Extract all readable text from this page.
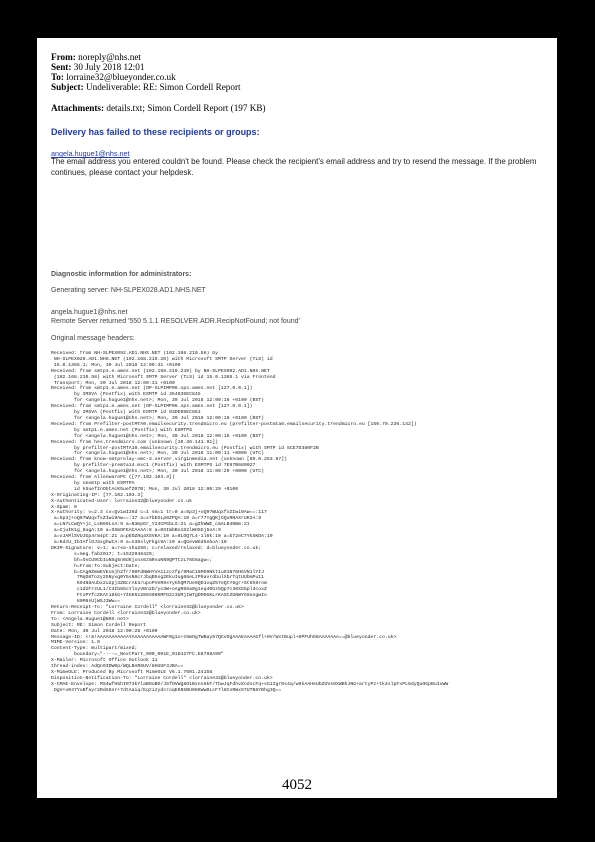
From: noreply@nhs.net
Sent: 30 July 2018 12:01
To: lorraine32@blueyonder.co.uk
Subject: Undeliverable: RE: Simon Cordell Report
Attachments: details.txt; Simon Cordell Report (197 KB)
Delivery has failed to these recipients or groups:
angela.hugue1@nhs.net
The email address you entered couldn't be found. Please check the recipient's email address and try to resend the message. If the problem continues, please contact your helpdesk.
Diagnostic information for administrators:
Generating server: NH-SLPEX028.AD1.NHS.NET
angela.hugue1@nhs.net
Remote Server returned '550 5.1.1 RESOLVER.ADR.RecipNotFound; not found'
Original message headers:
Received: from NH-SLPEX092.AD1.NHS.NET (192.168.210.56) by
NH-SLPEX029.AD1.NHS.NET (192.168.210.20) with Microsoft SMTP Server (TLS) id
15.0.1365.1; Mon, 30 Jul 2018 12:00:31 +0100
Received: from smtp1.e.ames.net (192.168.219.249) by NH-SLPEX092.AD1.NHS.NET
(192.168.210.58) with Microsoft SMTP Server (TLS) id 15.0.1365.1 via Frontend
Transport; Mon, 30 Jul 2018 12:00:31 +0100
Received: from smtp1.e.ames.net (OP-SLPIMP06.ops.ames.net [127.0.0.1])
by IMSVA (Postfix) with ESMTP id 354035EC845
for <angela.hugue1@nhs.net>; Mon, 30 Jul 2018 12:00:16 +0100 (BST)
Received: from smtp1.e.ames.net (OP-SLPIMP06.ops.ames.net [127.0.0.1])
by IMSVA (Postfix) with ESMTP id 03DE05EC861
for <angela.hugue1@nhs.net>; Mon, 30 Jul 2018 12:00:16 +0100 (BST)
Received: from Prefilter-postMTA0.emailsecurity.trendmicro.eu (prefilter-postmta6.emailsecurity.trendmicro.eu [150.70.236.142])
by smtp1.e.ames.net (Postfix) with ESMTPS
for <angela.hugue1@nhs.net>; Mon, 30 Jul 2018 12:00:15 +0100 (BST)
Received: from hes.trendmicro.com (unknown [10.36.141.91])
by prefilter-postMTA10.emailsecurity.trendmicro.eu (Postfix) with SMTP id 5CE7D380F2B
for <angela.hugue1@nhs.net>; Mon, 30 Jul 2018 11:00:11 +0000 (UTC)
Received: from know-smtprelay-omc-3.server.virginmedia.net (unknown [80.0.253.67])
by prefilter-premta14.mxc1 (Postfix) with ESMTPS id 7E97B680027
for <angela.hugue1@nhs.net>; Mon, 30 Jul 2018 11:00:29 +0000 (UTC)
Received: from AllenwarePC ([77.102.103.3])
by cmsmtp with ESMTPA
id k5uefInObtAcK5uefZ07B; Mon, 30 Jul 2018 12:00:29 +0100
X-Originating-IP: [77.102.103.3]
X-Authenticated-User: lorraine32@blueyonder.co.uk
X-Spam: 0
X-Authority: v=2.3 cv=Qv1wI26d c=1 sm=1 tr=0 a=5p3j+oQ97WUqxfxZIwi9Aw==:117
a=5p3j+oQ97WUqxfxZIwi9Aw==:17 a=x7bEGLp0ZPQA:10 a=r77YgQKjGQsRNAXrUKIA:9
a=LN7LCwQY+jc_LsB69LsA:9 a=N3mpGr_Y24CPGbLS:21 a=gZhWWE_cmALB4NBm:21
a=CjuIK1g_8ugA:10 a=SSmOFEACAAAA:8 a=0SImbBo1S2lWHSGj5oA:9
a=xJAMlSVUJGp4rm4pt:21 a=pEOZHq4XSVKA:10 a=0LOQ7L4-1l6k:10 a=b72eC7YkSKDA:10
a=KdzU_IbIAflOJ3xghwtA:9 a=n38slyFkgc9A:10 a=QGevWGd5eboA:10
DKIM-Signature: v=1; a=rsa-sha256; c=relaxed/relaxed; d=blueyonder.co.uk;
s=meg.fab2017; t=1532948429;
bh=OsCU9CbIuNSg5n0d6jxnx6zmRsuKN9QPTtzL76G6agw=;
h=From:To:Subject:Date;
b=CAg0ZmmEVEcmjh2fr/90FdNWHYVA1izczfp/9MaC16MD9Nkt1u91N76HGVN1lYIJ
7MqD8To2y25Nyvg0Y5sN8crJbqB5sg2EkuIug66eLzP9avrdbulXbrTqtUUbmPu11
K94N8Aubx2u2pj3ZBcrAk3/upoPVeR9sYyGhQM7Ue9QD1vqZ57eQtY6gr+St6h8rom
c1d2FrzUL1/C3Ib85cYlnyVBn2D/yo3W+oAgR8Sa0g1eq40Gz5Qp7c30XG6pl3coxZ
FtoPYfcZKAt18kG+74GK51260306KMFD2z3UMjtWTgDMDGKLrKAStZUNWYG9ungwIo
89M8sUjW5J3Ww==
Return-Receipt-To: "Lorraine Cordell" <lorraine32@blueyonder.co.uk>
From: Lorraine Cordell <lorraine32@blueyonder.co.uk>
To: <Angela.Hugue1@NHS.net>
Subject: RE: Simon Cordell Report
Date: Mon, 30 Jul 2018 12:00:28 +0100
Message-ID: <!&!AAAAAAAAAAAYAAAAAAAAAAAWF0g1o+z6mOgTWBay57QCvOgAAAEAAAAGfl+0V/WxtBupl+0PFUhD8AAAAAAA==@blueyonder.co.uk>
MIME-Version: 1.0
Content-Type: multipart/mixed;
boundary="----=_NextPart_000_001E_01D427FC.E8788A90"
X-Mailer: Microsoft Office Outlook 11
thread-index: AdQn9IDW0p/WQLBAR6UV/8HUUF3JBA==
X-MimeOLE: Produced By Microsoft MimeOLE V6.1.7601.24158
Disposition-Notification-To: "Lorraine Cordell" <lorraine32@blueyonder.co.uk>
X-CMAE-Envelope: MS4wfH5hIR73kYlaBOuBO/J5fOVWg8O1Bxns8kF/TbwJqFdhvZodscFq+sG1Igr0s4q/w9kAAHeUbZUVs0XWBhJNG+artyPz+tk4slpFxPL6dyQuOGpBuIxWW
DgV+v047YuBfayr2RdX8nr+7dtAaiq/EqzizydcroqEKN5BU06KWw0LcF7l8CsRWxS7UTN8YBhg3Q==
4052
